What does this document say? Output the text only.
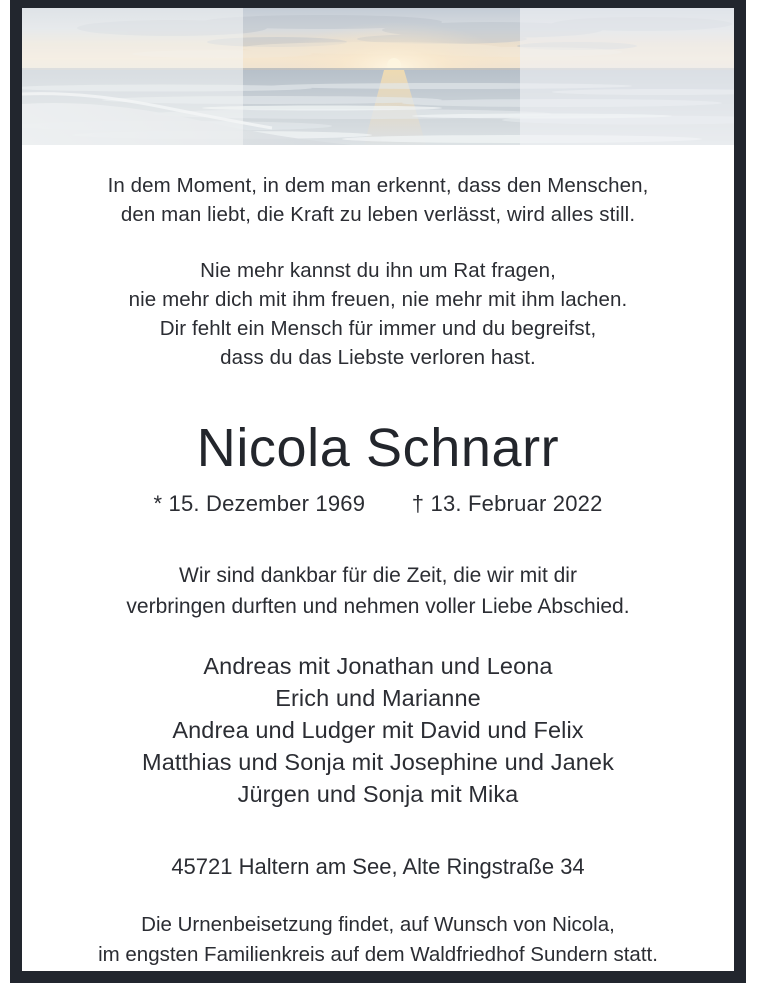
In dem Moment, in dem man erkennt, dass den Menschen,

den man liebt, die Kraft zu leben verlässt, wird alles still.

Nie mehr kannst du ihn um Rat fragen,

nie mehr dich mit ihm freuen, nie mehr mit ihm lachen.

Dir fehlt ein Mensch für immer und du begreifst,

dass du das Liebste verloren hast.

Nicola Schnarr
* 15. Dezember 1969 † 13. Februar 2022

Wir sind dankbar für die Zeit, die wir mit dir

verbringen durften und nehmen voller Liebe Abschied.

Andreas mit Jonathan und Leona

Erich und Marianne

Andrea und Ludger mit David und Felix

Matthias und Sonja mit Josephine und Janek

Jürgen und Sonja mit Mika

45721 Haltern am See, Alte Ringstraße 34

Die Urnenbeisetzung findet, auf Wunsch von Nicola,

im engsten Familienkreis auf dem Waldfriedhof Sundern statt.
